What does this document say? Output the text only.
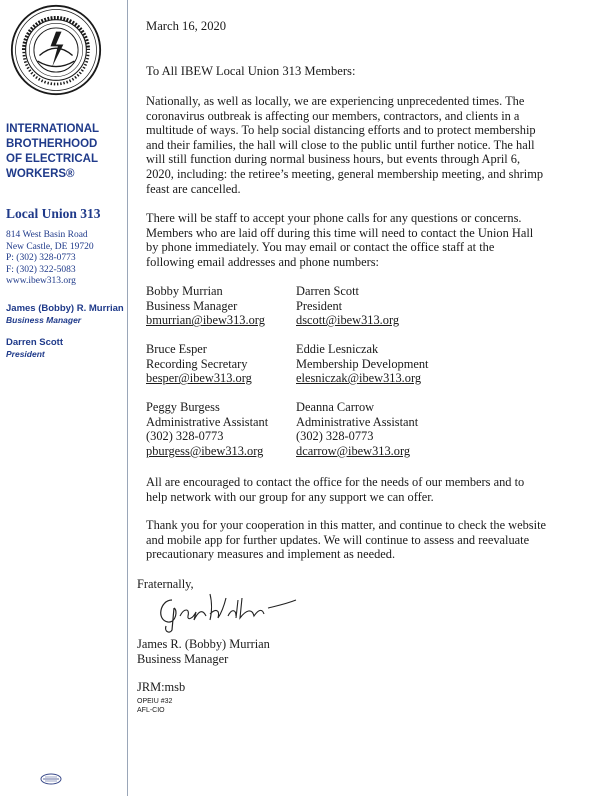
INTERNATIONAL
BROTHERHOOD
OF ELECTRICAL
WORKERS®
Local Union 313
814 West Basin Road
New Castle, DE 19720
P: (302) 328-0773
F: (302) 322-5083
www.ibew313.org
James (Bobby) R. Murrian
Business Manager
Darren Scott
President
March 16, 2020
To All IBEW Local Union 313 Members:
Nationally, as well as locally, we are experiencing unprecedented times. The
coronavirus outbreak is affecting our members, contractors, and clients in a
multitude of ways. To help social distancing efforts and to protect membership
and their families, the hall will close to the public until further notice. The hall
will still function during normal business hours, but events through April 6,
2020, including: the retiree’s meeting, general membership meeting, and shrimp
feast are cancelled.
There will be staff to accept your phone calls for any questions or concerns.
Members who are laid off during this time will need to contact the Union Hall
by phone immediately. You may email or contact the office staff at the
following email addresses and phone numbers:
Bobby Murrian
Business Manager
bmurrian@ibew313.org
Darren Scott
President
dscott@ibew313.org
Bruce Esper
Recording Secretary
besper@ibew313.org
Eddie Lesniczak
Membership Development
elesniczak@ibew313.org
Peggy Burgess
Administrative Assistant
(302) 328-0773
pburgess@ibew313.org
Deanna Carrow
Administrative Assistant
(302) 328-0773
dcarrow@ibew313.org
All are encouraged to contact the office for the needs of our members and to
help network with our group for any support we can offer.
Thank you for your cooperation in this matter, and continue to check the website
and mobile app for further updates. We will continue to assess and reevaluate
precautionary measures and implement as needed.
Fraternally,
James R. (Bobby) Murrian
Business Manager
JRM:msb
OPEIU #32
AFL-CIO
